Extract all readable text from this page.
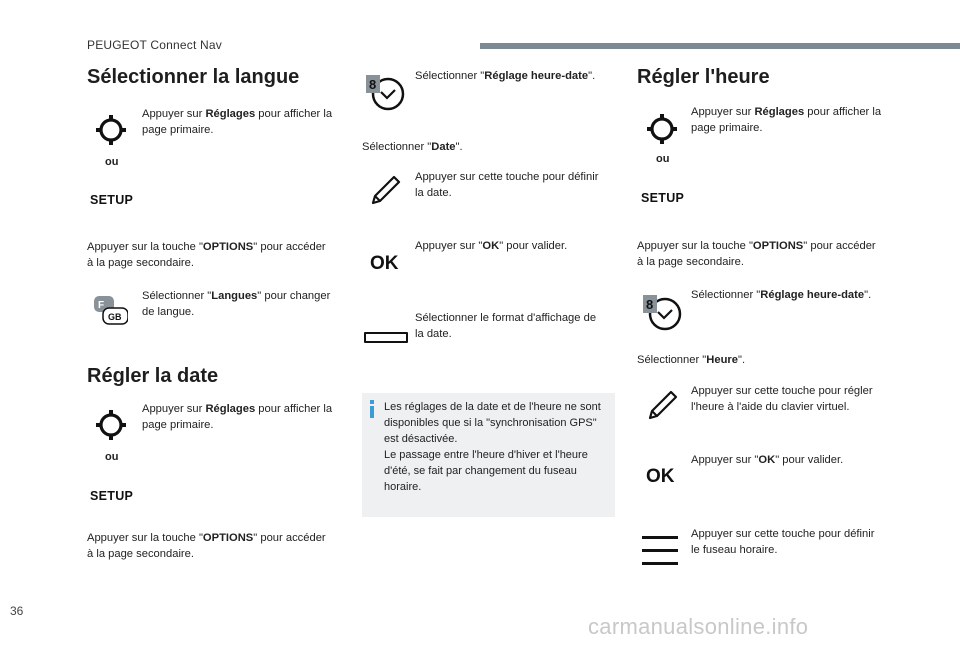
PEUGEOT Connect Nav
Sélectionner la langue
Appuyer sur Réglages pour afficher la page primaire.
ou
SETUP
Appuyer sur la touche "OPTIONS" pour accéder à la page secondaire.
F
GB
Sélectionner "Langues" pour changer de langue.
Régler la date
Appuyer sur Réglages pour afficher la page primaire.
ou
SETUP
Appuyer sur la touche "OPTIONS" pour accéder à la page secondaire.
8
Sélectionner "Réglage heure-date".
Sélectionner "Date".
Appuyer sur cette touche pour définir la date.
OK
Appuyer sur "OK" pour valider.
Sélectionner le format d'affichage de la date.
Les réglages de la date et de l'heure ne sont disponibles que si la "synchronisation GPS" est désactivée.
Le passage entre l'heure d'hiver et l'heure d'été, se fait par changement du fuseau horaire.
Régler l'heure
Appuyer sur Réglages pour afficher la page primaire.
ou
SETUP
Appuyer sur la touche "OPTIONS" pour accéder à la page secondaire.
8
Sélectionner "Réglage heure-date".
Sélectionner "Heure".
Appuyer sur cette touche pour régler l'heure à l'aide du clavier virtuel.
OK
Appuyer sur "OK" pour valider.
Appuyer sur cette touche pour définir le fuseau horaire.
36
carmanualsonline.info
